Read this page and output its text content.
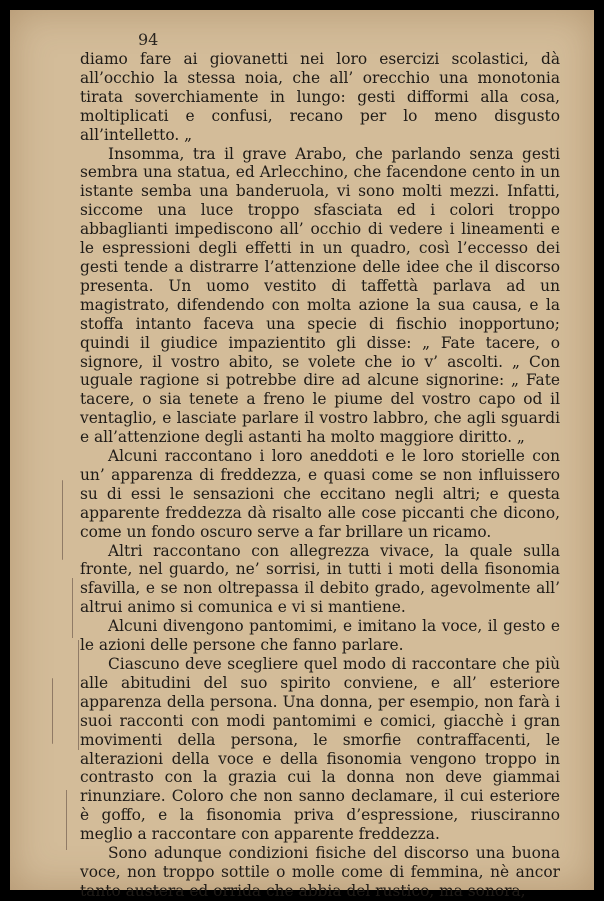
94

diamo fare ai giovanetti nei loro esercizi scolastici, dà all’occhio la stessa noia, che all’ orecchio una monotonia tirata soverchiamente in lungo: gesti difformi alla cosa, moltiplicati e confusi, recano per lo meno disgusto all’intelletto. „

Insomma, tra il grave Arabo, che parlando senza gesti sembra una statua, ed Arlecchino, che facendone cento in un istante semba una banderuola, vi sono molti mezzi. Infatti, siccome una luce troppo sfasciata ed i colori troppo abbaglianti impediscono all’ occhio di vedere i lineamenti e le espressioni degli effetti in un quadro, così l’eccesso dei gesti tende a distrarre l’attenzione delle idee che il discorso presenta. Un uomo vestito di taffettà parlava ad un magistrato, difendendo con molta azione la sua causa, e la stoffa intanto faceva una specie di fischio inopportuno; quindi il giudice impazientito gli disse: „ Fate tacere, o signore, il vostro abito, se volete che io v’ ascolti. „ Con uguale ragione si potrebbe dire ad alcune signorine: „ Fate tacere, o sia tenete a freno le piume del vostro capo od il ventaglio, e lasciate parlare il vostro labbro, che agli sguardi e all’attenzione degli astanti ha molto maggiore diritto. „

Alcuni raccontano i loro aneddoti e le loro storielle con un’ apparenza di freddezza, e quasi come se non influissero su di essi le sensazioni che eccitano negli altri; e questa apparente freddezza dà risalto alle cose piccanti che dicono, come un fondo oscuro serve a far brillare un ricamo.

Altri raccontano con allegrezza vivace, la quale sulla fronte, nel guardo, ne’ sorrisi, in tutti i moti della fisonomia sfavilla, e se non oltrepassa il debito grado, agevolmente all’ altrui animo si comunica e vi si mantiene.

Alcuni divengono pantomimi, e imitano la voce, il gesto e le azioni delle persone che fanno parlare.

Ciascuno deve scegliere quel modo di raccontare che più alle abitudini del suo spirito conviene, e all’ esteriore apparenza della persona. Una donna, per esempio, non farà i suoi racconti con modi pantomimi e comici, giacchè i gran movimenti della persona, le smorfie contraffacenti, le alterazioni della voce e della fisonomia vengono troppo in contrasto con la grazia cui la donna non deve giammai rinunziare. Coloro che non sanno declamare, il cui esteriore è goffo, e la fisonomia priva d’espressione, riusciranno meglio a raccontare con apparente freddezza.

Sono adunque condizioni fisiche del discorso una buona voce, non troppo sottile o molle come di femmina, nè ancor tanto austera ed orrida che abbia del rustico, ma sonora,
